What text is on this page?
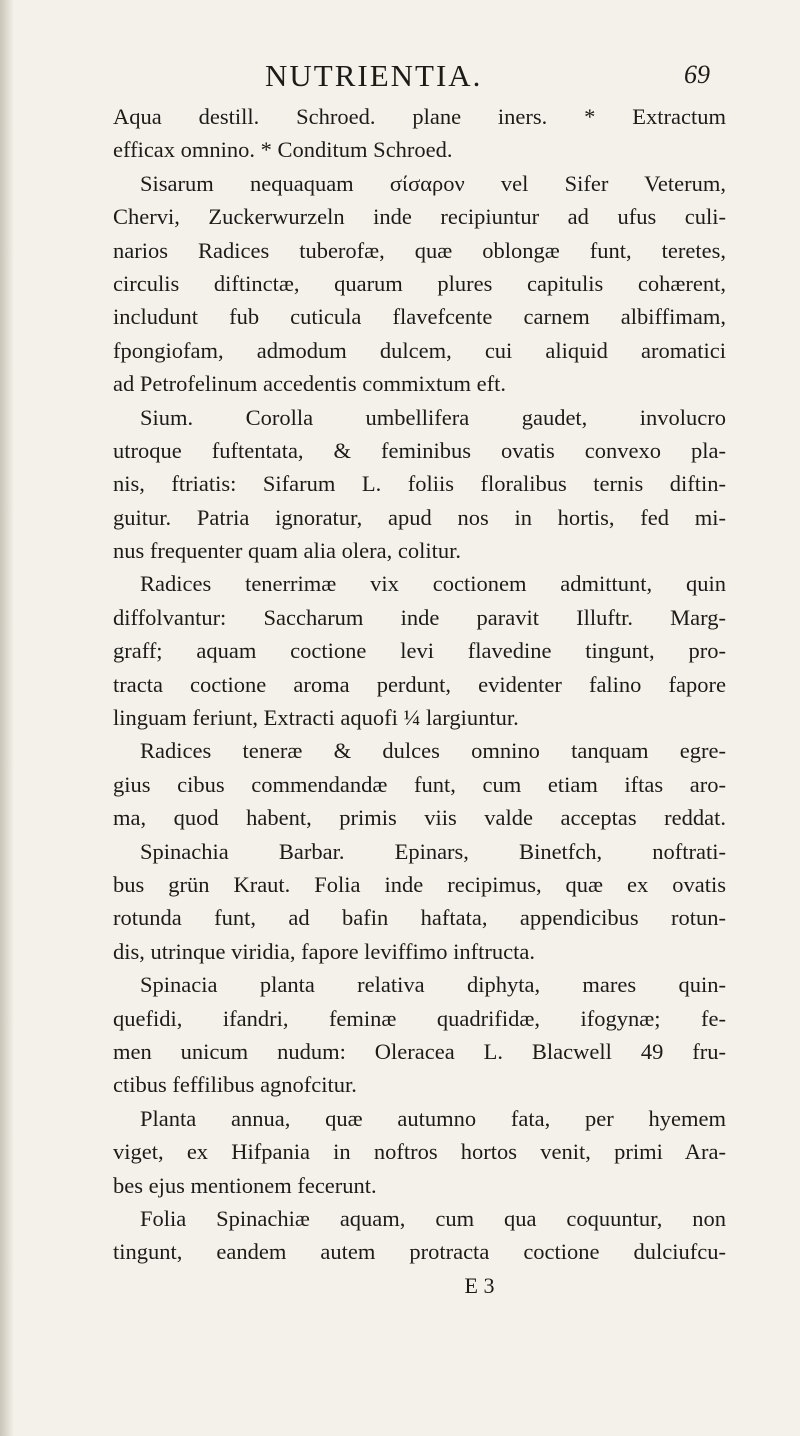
NUTRIENTIA.	69
Aqua destill. Schroed. plane iners. * Extractum
efficax omnino. * Conditum Schroed.
Sisarum nequaquam σίσαρον vel Sifer Veterum,
Chervi, Zuckerwurzeln inde recipiuntur ad ufus culi-
narios Radices tuberofæ, quæ oblongæ funt, teretes,
circulis diftinctæ, quarum plures capitulis cohærent,
includunt fub cuticula flavefcente carnem albiffimam,
fpongiofam, admodum dulcem, cui aliquid aromatici
ad Petrofelinum accedentis commixtum eft.
Sium. Corolla umbellifera gaudet, involucro
utroque fuftentata, & feminibus ovatis convexo pla-
nis, ftriatis: Sifarum L. foliis floralibus ternis diftin-
guitur. Patria ignoratur, apud nos in hortis, fed mi-
nus frequenter quam alia olera, colitur.
Radices tenerrimæ vix coctionem admittunt, quin
diffolvantur: Saccharum inde paravit Illuftr. Marg-
graff; aquam coctione levi flavedine tingunt, pro-
tracta coctione aroma perdunt, evidenter falino fapore
linguam feriunt, Extracti aquofi ¼ largiuntur.
Radices teneræ & dulces omnino tanquam egre-
gius cibus commendandæ funt, cum etiam iftas aro-
ma, quod habent, primis viis valde acceptas reddat.
Spinachia Barbar. Epinars, Binetfch, noftrati-
bus grün Kraut. Folia inde recipimus, quæ ex ovatis
rotunda funt, ad bafin haftata, appendicibus rotun-
dis, utrinque viridia, fapore leviffimo inftructa.
Spinacia planta relativa diphyta, mares quin-
quefidi, ifandri, feminæ quadrifidæ, ifogynæ; fe-
men unicum nudum: Oleracea L. Blacwell 49 fru-
ctibus feffilibus agnofcitur.
Planta annua, quæ autumno fata, per hyemem
viget, ex Hifpania in noftros hortos venit, primi Ara-
bes ejus mentionem fecerunt.
Folia Spinachiæ aquam, cum qua coquuntur, non
tingunt, eandem autem protracta coctione dulciufcu-
E 3
